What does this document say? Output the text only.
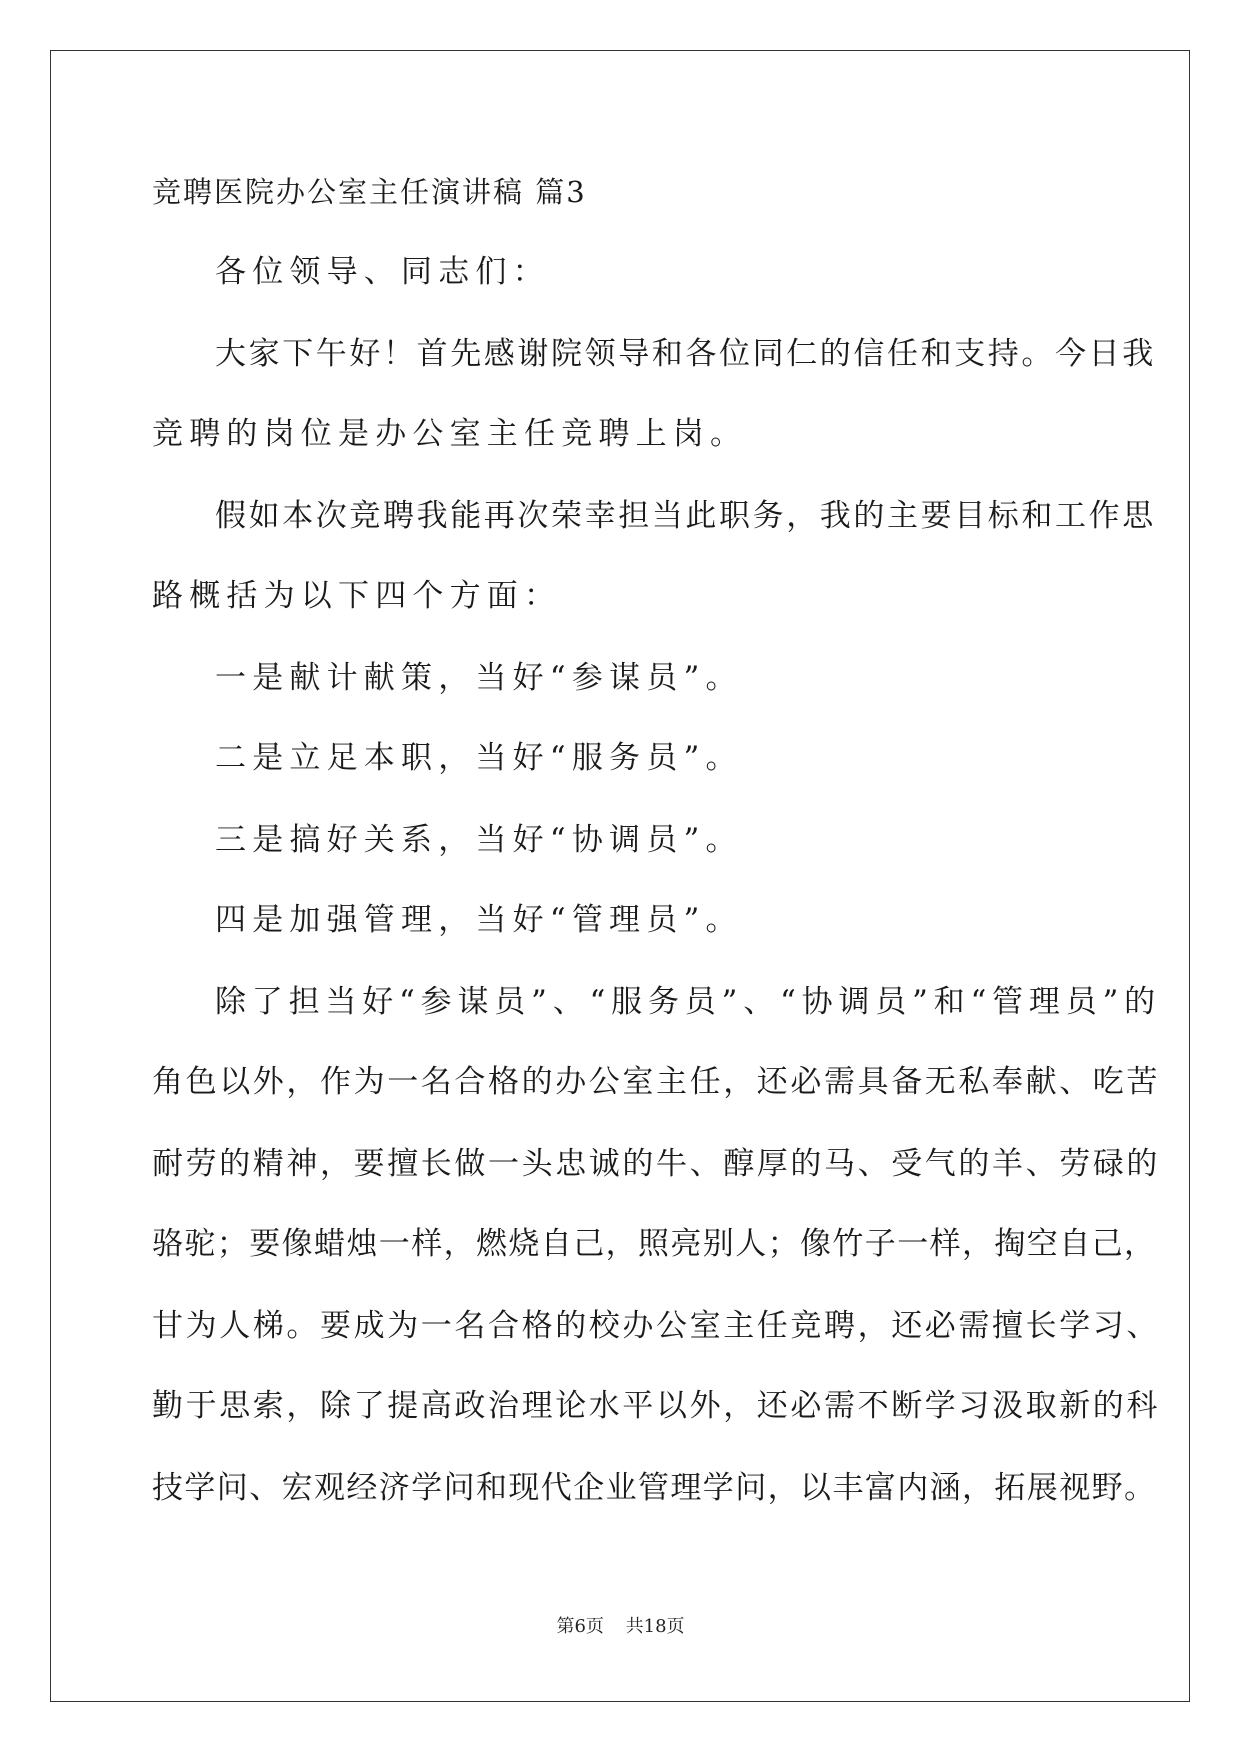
竞聘医院办公室主任演讲稿 篇3
各位领导、同志们：
大家下午好！首先感谢院领导和各位同仁的信任和支持。今日我
竞聘的岗位是办公室主任竞聘上岗。
假如本次竞聘我能再次荣幸担当此职务，我的主要目标和工作思
路概括为以下四个方面：
一是献计献策，当好“参谋员”。
二是立足本职，当好“服务员”。
三是搞好关系，当好“协调员”。
四是加强管理，当好“管理员”。
除了担当好“参谋员”、“服务员”、“协调员”和“管理员”的
角色以外，作为一名合格的办公室主任，还必需具备无私奉献、吃苦
耐劳的精神，要擅长做一头忠诚的牛、醇厚的马、受气的羊、劳碌的
骆驼；要像蜡烛一样，燃烧自己，照亮别人；像竹子一样，掏空自己，
甘为人梯。要成为一名合格的校办公室主任竞聘，还必需擅长学习、
勤于思索，除了提高政治理论水平以外，还必需不断学习汲取新的科
技学问、宏观经济学问和现代企业管理学问，以丰富内涵，拓展视野。
第6页 共18页
